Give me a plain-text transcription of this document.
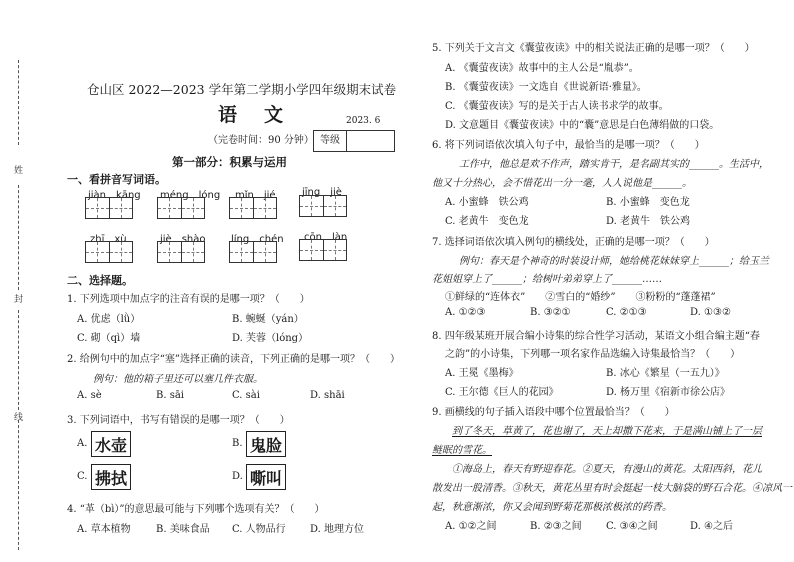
姓
封
线
仓山区 2022—2023 学年第二学期小学四年级期末试卷
语　文	2023. 6
（完卷时间：90 分钟） 等级
第一部分：积累与运用
一、看拼音写词语。
jiàn　kāng méng　lóng mǐn　jié	jīng　jiè
zhī　xù	jiè　shào	líng　chén cōn　làn
二、选择题。
1. 下列选项中加点字的注音有误的是哪一项？（　　）
A. 优虑（lǜ）	B. 蜿蜒（yán）
C. 砌（qì）墙	D. 芙蓉（lóng）
2. 给例句中的加点字“塞”选择正确的读音，下列正确的是哪一项？（　　）
例句：他的箱子里还可以塞几件衣服。
A. sè	B. sāi	C. sài	D. shāi
3. 下列词语中，书写有错误的是哪一项？（　　）
A. 水壶	B. 鬼脸
C. 拂拭	D. 嘶叫
4. “革（bì）”的意思最可能与下列哪个选项有关？（　　）
A. 草本植物	B. 美味食品 C. 人物品行 D. 地理方位
5. 下列关于文言文《囊萤夜读》中的相关说法正确的是哪一项？（　　）
A. 《囊萤夜读》故事中的主人公是“胤恭”。
B. 《囊萤夜读》一文选自《世说新语·雅量》。
C. 《囊萤夜读》写的是关于古人读书求学的故事。
D. 文意题目《囊萤夜读》中的“囊”意思是白色薄绢做的口袋。
6. 将下列词语依次填入句子中，最恰当的是哪一项？（　　）
工作中，他总是欢不作声，踏实肯干，是名副其实的______。生活中，
他又十分热心，会不惜花出一分一毫，人人说他是______。
A. 小蜜蜂　铁公鸡	B. 小蜜蜂　变色龙
C. 老黄牛　变色龙	D. 老黄牛　铁公鸡
7. 选择词语依次填入例句的横线处，正确的是哪一项？（　　）
例句：春天是个神奇的时装设计师，她给桃花妹妹穿上______；给玉兰
花姐姐穿上了______；给树叶弟弟穿上了______……
①鲜绿的“连体衣”　　②雪白的“婚纱”　　③粉粉的“蓬蓬裙”
A. ①②③	B. ③②①	C. ②①③	D. ①③②
8. 四年级某班开展合编小诗集的综合性学习活动，某语文小组合编主题“春
之韵”的小诗集，下列哪一项名家作品选编入诗集最恰当？（　　）
A. 王冕《墨梅》	B. 冰心《繁星（一五九）》
C. 王尔德《巨人的花园》	D. 杨万里《宿新市徐公店》
9. 画横线的句子插入语段中哪个位置最恰当？（　　）
到了冬天，草黄了，花也谢了，天上却撒下花来，于是满山铺上了一层
鲢眠的雪花。
①海岛上，春天有野迎春花。②夏天，有漫山的黄花。太阳西斜，花儿
散发出一股清香。③秋天，黄花丛里有时会挺起一枝大脑袋的野石合花。④凉风一
起，秋意渐浓，你又会闻到野菊花那极浓极浓的药香。
A. ①②之间	B. ②③之间 C. ③④之间	D. ④之后
